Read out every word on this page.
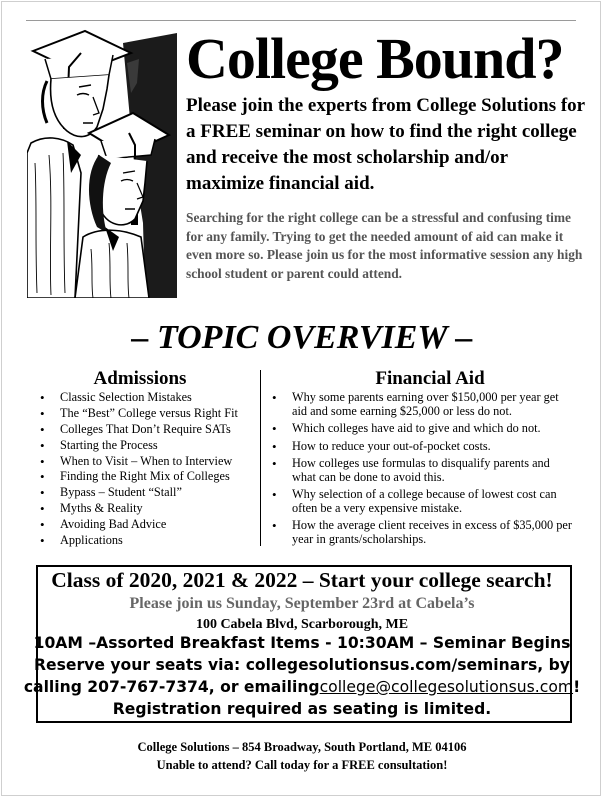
College Bound?
Please join the experts from College Solutions for a FREE seminar on how to find the right college and receive the most scholarship and/or maximize financial aid.
Searching for the right college can be a stressful and confusing time for any family. Trying to get the needed amount of aid can make it even more so. Please join us for the most informative session any high school student or parent could attend.
– TOPIC OVERVIEW –
Admissions	Financial Aid
• Classic Selection Mistakes
• The “Best” College versus Right Fit
• Colleges That Don’t Require SATs
• Starting the Process
• When to Visit – When to Interview
• Finding the Right Mix of Colleges
• Bypass – Student “Stall”
• Myths & Reality
• Avoiding Bad Advice
• Applications
• Why some parents earning over $150,000 per year get aid and some earning $25,000 or less do not.
• Which colleges have aid to give and which do not.
• How to reduce your out-of-pocket costs.
• How colleges use formulas to disqualify parents and what can be done to avoid this.
• Why selection of a college because of lowest cost can often be a very expensive mistake.
• How the average client receives in excess of $35,000 per year in grants/scholarships.
Class of 2020, 2021 & 2022 – Start your college search!
Please join us Sunday, September 23rd at Cabela’s
100 Cabela Blvd, Scarborough, ME
10AM –Assorted Breakfast Items - 10:30AM – Seminar Begins
Reserve your seats via: collegesolutionsus.com/seminars, by
calling 207-767-7374, or emailingcollege@collegesolutionsus.com!
Registration required as seating is limited.
College Solutions – 854 Broadway, South Portland, ME 04106
Unable to attend? Call today for a FREE consultation!
